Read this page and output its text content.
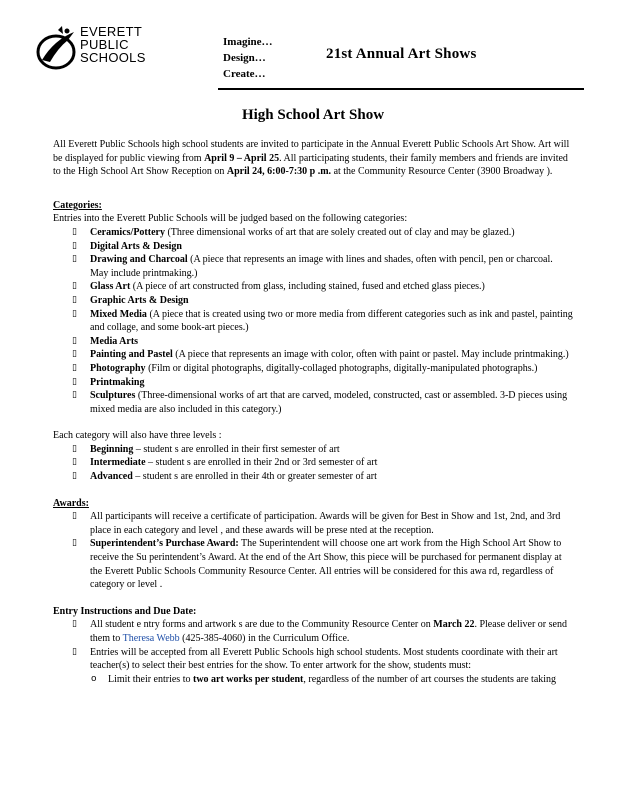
EVERETT
PUBLIC
SCHOOLS
Imagine…
Design…
Create…
21st Annual Art Shows
High School Art Show

All Everett Public Schools high school students are invited to participate in the Annual Everett Public Schools Art Show. Art will be displayed for public viewing from April 9 – April 25. All participating students, their family members and friends are invited to the High School Art Show Reception on April 24, 6:00-7:30 p .m. at the Community Resource Center (3900 Broadway ).

Categories:

Entries into the Everett Public Schools will be judged based on the following categories:

▯ Ceramics/Pottery (Three dimensional works of art that are solely created out of clay and may be glazed.)
▯ Digital Arts & Design
▯ Drawing and Charcoal (A piece that represents an image with lines and shades, often with pencil, pen or charcoal. May include printmaking.)
▯ Glass Art (A piece of art constructed from glass, including stained, fused and etched glass pieces.)
▯ Graphic Arts & Design
▯ Mixed Media (A piece that is created using two or more media from different categories such as ink and pastel, painting and collage, and some book-art pieces.)
▯ Media Arts
▯ Painting and Pastel (A piece that represents an image with color, often with paint or pastel. May include printmaking.)
▯ Photography (Film or digital photographs, digitally-collaged photographs, digitally-manipulated photographs.)
▯ Printmaking
▯ Sculptures (Three-dimensional works of art that are carved, modeled, constructed, cast or assembled. 3-D pieces using mixed media are also included in this category.)

Each category will also have three levels :

▯ Beginning – student s are enrolled in their first semester of art
▯ Intermediate – student s are enrolled in their 2nd or 3rd semester of art
▯ Advanced – student s are enrolled in their 4th or greater semester of art
Awards:
▯ All participants will receive a certificate of participation. Awards will be given for Best in Show and 1st, 2nd, and 3rd place in each category and level , and these awards will be prese nted at the reception.
▯ Superintendent’s Purchase Award: The Superintendent will choose one art work from the High School Art Show to receive the Su perintendent’s Award. At the end of the Art Show, this piece will be purchased for permanent display at the Everett Public Schools Community Resource Center. All entries will be considered for this awa rd, regardless of category or level .
Entry Instructions and Due Date:
▯ All student e ntry forms and artwork s are due to the Community Resource Center on March 22. Please deliver or send them to Theresa Webb (425-385-4060) in the Curriculum Office.
▯ Entries will be accepted from all Everett Public Schools high school students. Most students coordinate with their art teacher(s) to select their best entries for the show. To enter artwork for the show, students must:
o Limit their entries to two art works per student, regardless of the number of art courses the students are taking
